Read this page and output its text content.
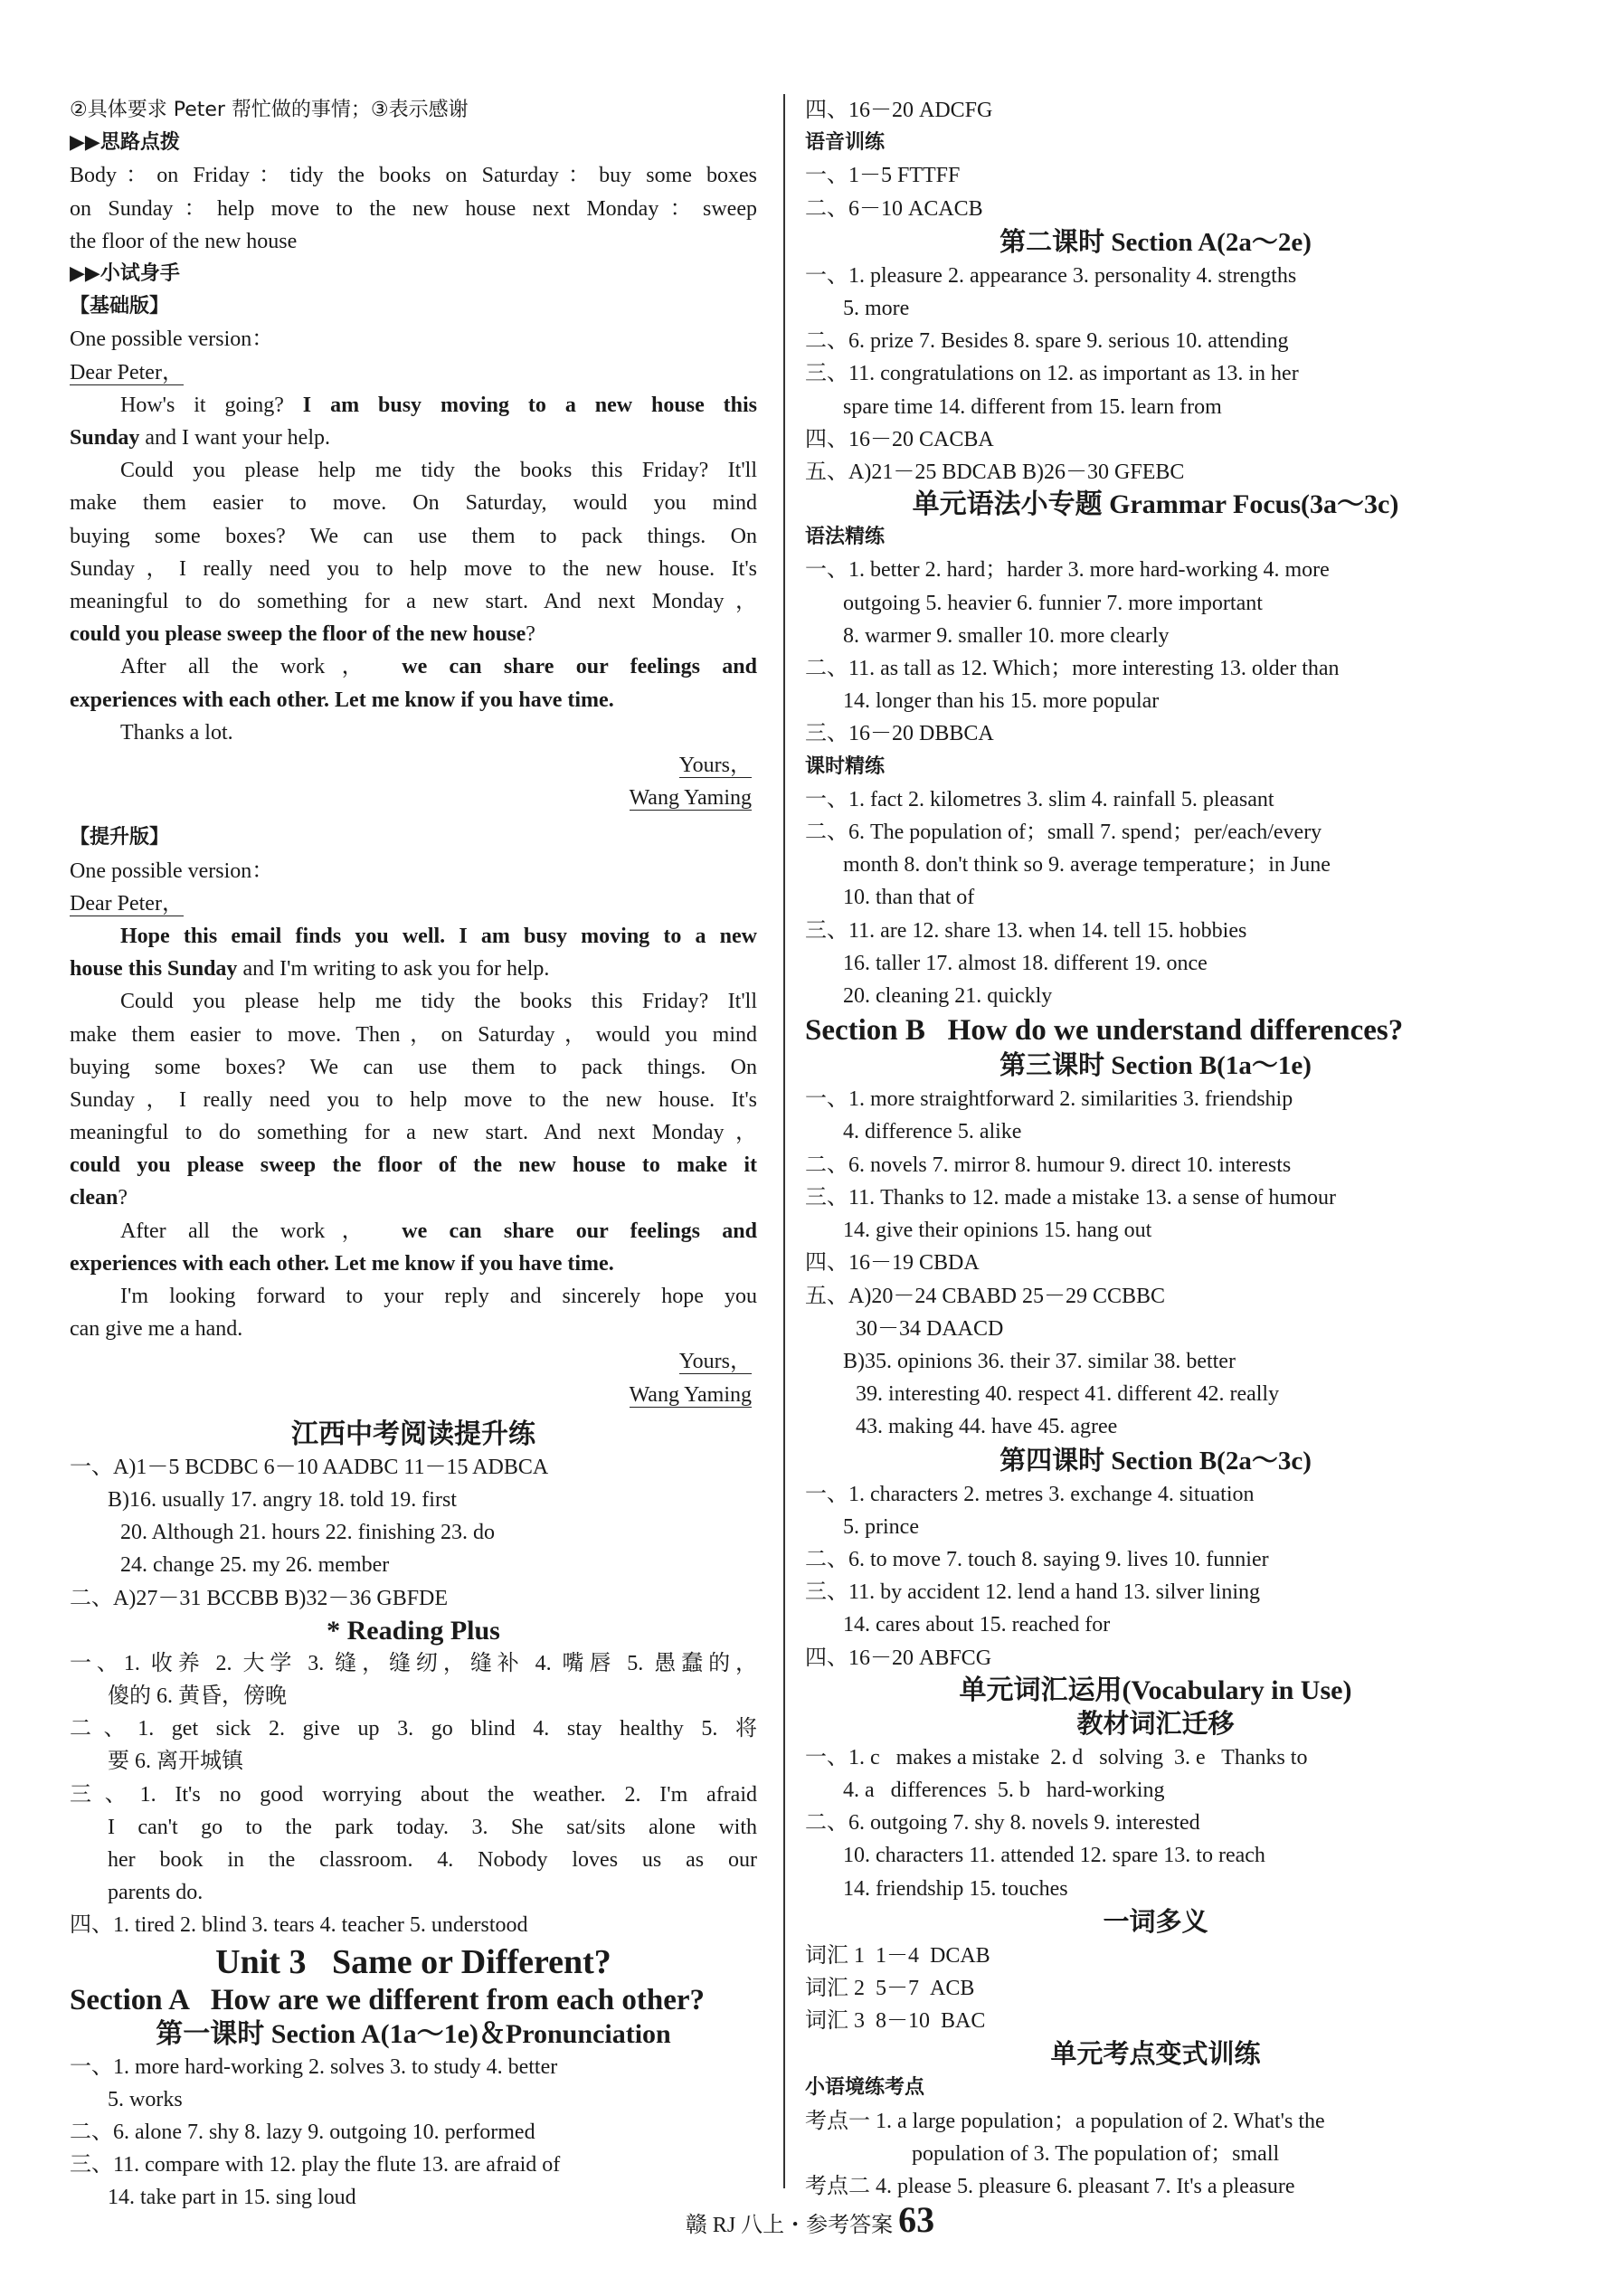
②具体要求 Peter 帮忙做的事情；③表示感谢
▶▶思路点拨
Body：on Friday：tidy the books on Saturday：buy some boxes
on Sunday：help move to the new house next Monday：sweep
the floor of the new house
▶▶小试身手
【基础版】
One possible version：
Dear Peter，
How's it going? I am busy moving to a new house this
Sunday and I want your help.
Could you please help me tidy the books this Friday? It'll
make them easier to move. On Saturday, would you mind
buying some boxes? We can use them to pack things. On
Sunday，I really need you to help move to the new house. It's
meaningful to do something for a new start. And next Monday，
could you please sweep the floor of the new house?
After all the work， we can share our feelings and
experiences with each other. Let me know if you have time.
Thanks a lot.
Yours，
Wang Yaming
【提升版】
One possible version：
Dear Peter，
Hope this email finds you well. I am busy moving to a new
house this Sunday and I'm writing to ask you for help.
Could you please help me tidy the books this Friday? It'll
make them easier to move. Then，on Saturday，would you mind
buying some boxes? We can use them to pack things. On
Sunday，I really need you to help move to the new house. It's
meaningful to do something for a new start. And next Monday，
could you please sweep the floor of the new house to make it
clean?
After all the work， we can share our feelings and
experiences with each other. Let me know if you have time.
I'm looking forward to your reply and sincerely hope you
can give me a hand.
Yours，
Wang Yaming
江西中考阅读提升练
一、A)1－5 BCDBC 6－10 AADBC 11－15 ADBCA
B)16. usually 17. angry 18. told 19. first
20. Although 21. hours 22. finishing 23. do
24. change 25. my 26. member
二、A)27－31 BCCBB B)32－36 GBFDE
* Reading Plus
一、1. 收养 2. 大学 3. 缝，缝纫，缝补 4. 嘴唇 5. 愚蠢的，
傻的 6. 黄昏，傍晚
二、1. get sick 2. give up 3. go blind 4. stay healthy 5. 将
要 6. 离开城镇
三、1. It's no good worrying about the weather. 2. I'm afraid
I can't go to the park today. 3. She sat/sits alone with
her book in the classroom. 4. Nobody loves us as our
parents do.
四、1. tired 2. blind 3. tears 4. teacher 5. understood
Unit 3   Same or Different?
Section A   How are we different from each other?
第一课时 Section A(1a～1e)＆Pronunciation
一、1. more hard-working 2. solves 3. to study 4. better
5. works
二、6. alone 7. shy 8. lazy 9. outgoing 10. performed
三、11. compare with 12. play the flute 13. are afraid of
14. take part in 15. sing loud
四、16－20 ADCFG
语音训练
一、1－5 FTTFF
二、6－10 ACACB
第二课时 Section A(2a～2e)
一、1. pleasure 2. appearance 3. personality 4. strengths
5. more
二、6. prize 7. Besides 8. spare 9. serious 10. attending
三、11. congratulations on 12. as important as 13. in her
spare time 14. different from 15. learn from
四、16－20 CACBA
五、A)21－25 BDCAB B)26－30 GFEBC
单元语法小专题 Grammar Focus(3a～3c)
语法精练
一、1. better 2. hard；harder 3. more hard-working 4. more
outgoing 5. heavier 6. funnier 7. more important
8. warmer 9. smaller 10. more clearly
二、11. as tall as 12. Which；more interesting 13. older than
14. longer than his 15. more popular
三、16－20 DBBCA
课时精练
一、1. fact 2. kilometres 3. slim 4. rainfall 5. pleasant
二、6. The population of；small 7. spend；per/each/every
month 8. don't think so 9. average temperature；in June
10. than that of
三、11. are 12. share 13. when 14. tell 15. hobbies
16. taller 17. almost 18. different 19. once
20. cleaning 21. quickly
Section B   How do we understand differences?
第三课时 Section B(1a～1e)
一、1. more straightforward 2. similarities 3. friendship
4. difference 5. alike
二、6. novels 7. mirror 8. humour 9. direct 10. interests
三、11. Thanks to 12. made a mistake 13. a sense of humour
14. give their opinions 15. hang out
四、16－19 CBDA
五、A)20－24 CBABD 25－29 CCBBC
30－34 DAACD
B)35. opinions 36. their 37. similar 38. better
39. interesting 40. respect 41. different 42. really
43. making 44. have 45. agree
第四课时 Section B(2a～3c)
一、1. characters 2. metres 3. exchange 4. situation
5. prince
二、6. to move 7. touch 8. saying 9. lives 10. funnier
三、11. by accident 12. lend a hand 13. silver lining
14. cares about 15. reached for
四、16－20 ABFCG
单元词汇运用(Vocabulary in Use)
教材词汇迁移
一、1. c   makes a mistake  2. d   solving  3. e   Thanks to
4. a   differences  5. b   hard-working
二、6. outgoing 7. shy 8. novels 9. interested
10. characters 11. attended 12. spare 13. to reach
14. friendship 15. touches
一词多义
词汇 1  1－4  DCAB
词汇 2  5－7  ACB
词汇 3  8－10  BAC
单元考点变式训练
小语境练考点
考点一 1. a large population；a population of 2. What's the
population of 3. The population of；small
考点二 4. please 5. pleasure 6. pleasant 7. It's a pleasure
赣 RJ 八上・参考答案 63
